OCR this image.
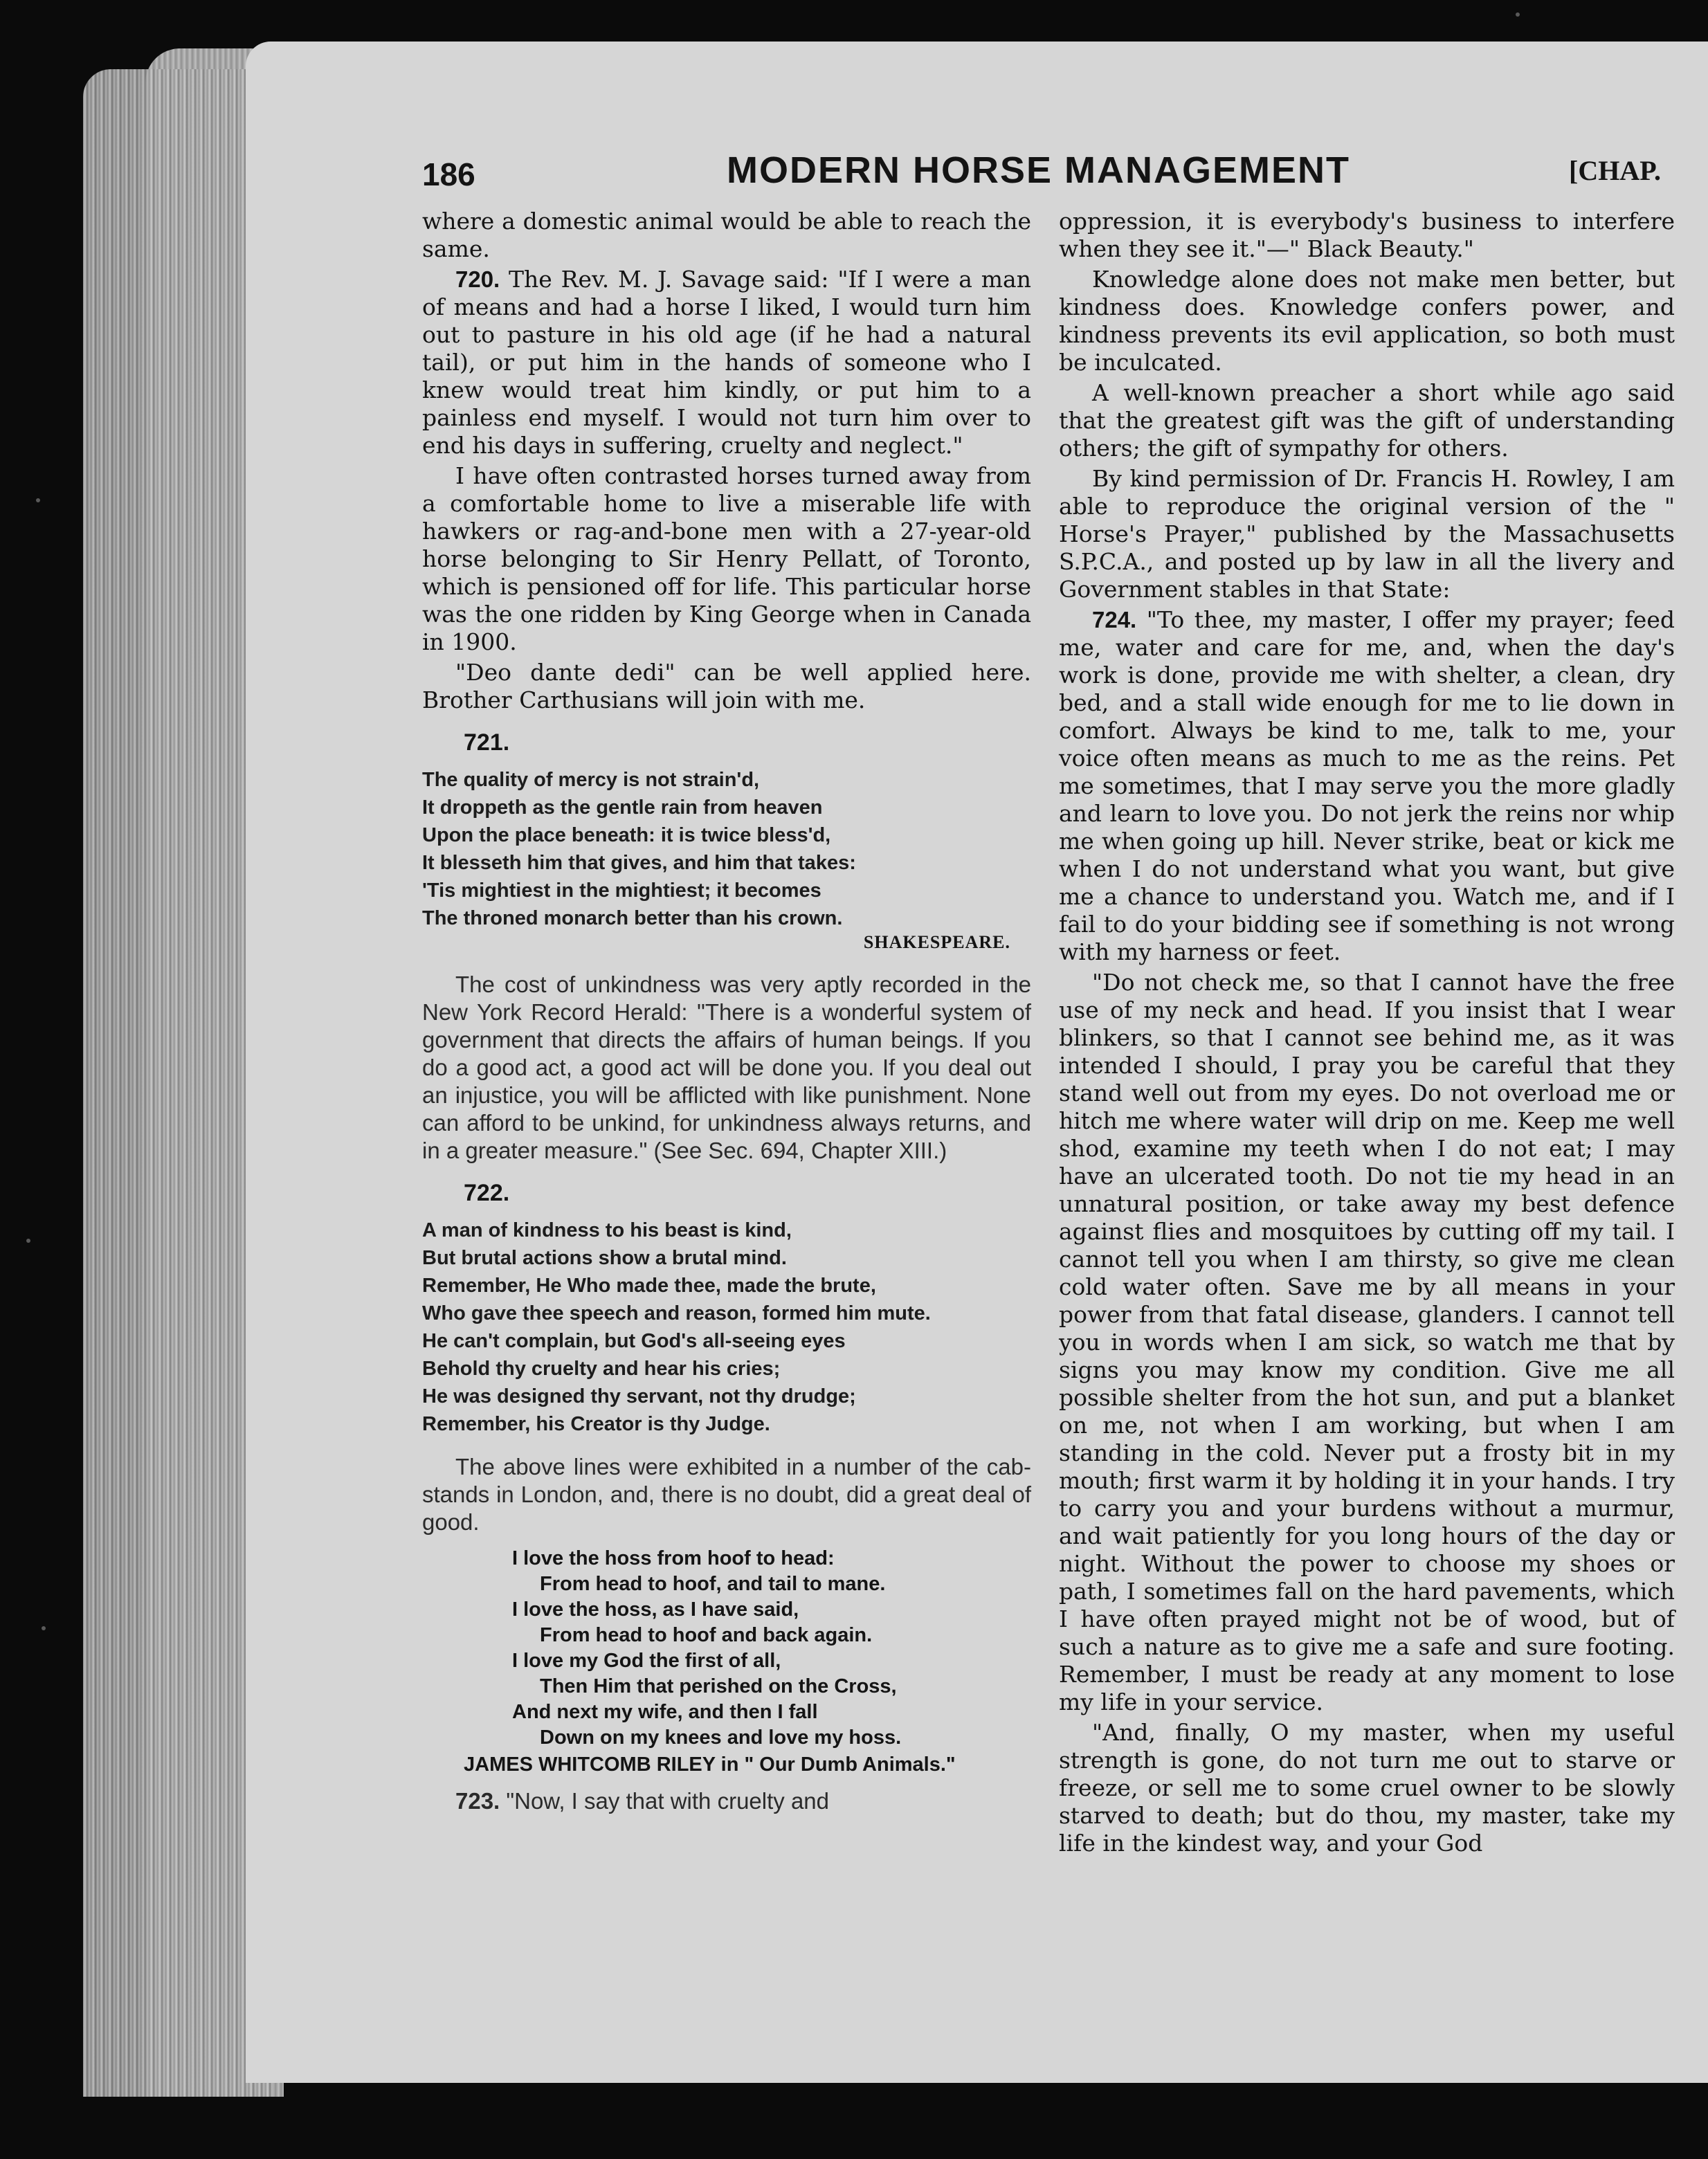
186	MODERN HORSE MANAGEMENT	[CHAP.

where a domestic animal would be able to reach the same.

720. The Rev. M. J. Savage said: "If I were a man of means and had a horse I liked, I would turn him out to pasture in his old age (if he had a natural tail), or put him in the hands of someone who I knew would treat him kindly, or put him to a painless end myself. I would not turn him over to end his days in suffering, cruelty and neglect."

I have often contrasted horses turned away from a comfortable home to live a miserable life with hawkers or rag-and-bone men with a 27-year-old horse belonging to Sir Henry Pellatt, of Toronto, which is pensioned off for life. This particular horse was the one ridden by King George when in Canada in 1900.

"Deo dante dedi" can be well applied here. Brother Carthusians will join with me.

721.
The quality of mercy is not strain'd,
It droppeth as the gentle rain from heaven
Upon the place beneath: it is twice bless'd,
It blesseth him that gives, and him that takes:
'Tis mightiest in the mightiest; it becomes
The throned monarch better than his crown.
SHAKESPEARE.

The cost of unkindness was very aptly recorded in the New York Record Herald: "There is a wonderful system of government that directs the affairs of human beings. If you do a good act, a good act will be done you. If you deal out an injustice, you will be afflicted with like punishment. None can afford to be unkind, for unkindness always returns, and in a greater measure." (See Sec. 694, Chapter XIII.)

722.
A man of kindness to his beast is kind,
But brutal actions show a brutal mind.
Remember, He Who made thee, made the brute,
Who gave thee speech and reason, formed him mute.
He can't complain, but God's all-seeing eyes
Behold thy cruelty and hear his cries;
He was designed thy servant, not thy drudge;
Remember, his Creator is thy Judge.

The above lines were exhibited in a number of the cab-stands in London, and, there is no doubt, did a great deal of good.

I love the hoss from hoof to head:
From head to hoof, and tail to mane.
I love the hoss, as I have said,
From head to hoof and back again.
I love my God the first of all,
Then Him that perished on the Cross,
And next my wife, and then I fall
Down on my knees and love my hoss.
JAMES WHITCOMB RILEY in " Our Dumb Animals."

723. "Now, I say that with cruelty and

oppression, it is everybody's business to interfere when they see it."—" Black Beauty."

Knowledge alone does not make men better, but kindness does. Knowledge confers power, and kindness prevents its evil application, so both must be inculcated.

A well-known preacher a short while ago said that the greatest gift was the gift of understanding others; the gift of sympathy for others.

By kind permission of Dr. Francis H. Rowley, I am able to reproduce the original version of the " Horse's Prayer," published by the Massachusetts S.P.C.A., and posted up by law in all the livery and Government stables in that State:

724. "To thee, my master, I offer my prayer; feed me, water and care for me, and, when the day's work is done, provide me with shelter, a clean, dry bed, and a stall wide enough for me to lie down in comfort. Always be kind to me, talk to me, your voice often means as much to me as the reins. Pet me sometimes, that I may serve you the more gladly and learn to love you. Do not jerk the reins nor whip me when going up hill. Never strike, beat or kick me when I do not understand what you want, but give me a chance to understand you. Watch me, and if I fail to do your bidding see if something is not wrong with my harness or feet.

"Do not check me, so that I cannot have the free use of my neck and head. If you insist that I wear blinkers, so that I cannot see behind me, as it was intended I should, I pray you be careful that they stand well out from my eyes. Do not overload me or hitch me where water will drip on me. Keep me well shod, examine my teeth when I do not eat; I may have an ulcerated tooth. Do not tie my head in an unnatural position, or take away my best defence against flies and mosquitoes by cutting off my tail. I cannot tell you when I am thirsty, so give me clean cold water often. Save me by all means in your power from that fatal disease, glanders. I cannot tell you in words when I am sick, so watch me that by signs you may know my condition. Give me all possible shelter from the hot sun, and put a blanket on me, not when I am working, but when I am standing in the cold. Never put a frosty bit in my mouth; first warm it by holding it in your hands. I try to carry you and your burdens without a murmur, and wait patiently for you long hours of the day or night. Without the power to choose my shoes or path, I sometimes fall on the hard pavements, which I have often prayed might not be of wood, but of such a nature as to give me a safe and sure footing. Remember, I must be ready at any moment to lose my life in your service.

"And, finally, O my master, when my useful strength is gone, do not turn me out to starve or freeze, or sell me to some cruel owner to be slowly starved to death; but do thou, my master, take my life in the kindest way, and your God
